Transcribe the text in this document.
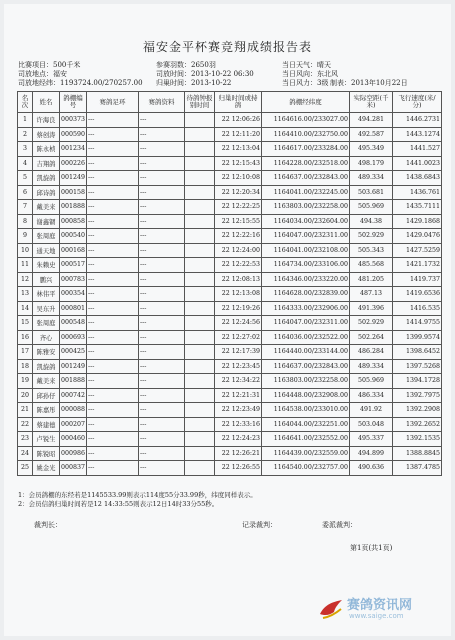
福安金平杯赛竞翔成绩报告表
比赛项目：500千米
司放地点：福安
司放地经纬：1193724.00/270257.00
参赛羽数：2650羽
司放时间：2013-10-22 06:30
归巢时间：2013-10-22
当日天气：晴天
当日风向：东北风
当日风力：3级 制表：2013年10月22日
名次	姓名	鸽棚编号	赛鸽足环	赛鸽资料	待鸽钟报别时间	归巢时间或持鸽	鸽棚经纬度	实际空距(千米)	飞行速度(米/分)
1	许海良	000373	---	---		22 12:06:26	1164616.00/233027.00	494.281	1446.2731
2	蔡创涛	000590	---	---		22 12:11:20	1164410.00/232750.00	492.587	1443.1274
3	陈永桢	001234	---	---		22 12:13:04	1164617.00/233284.00	495.349	1441.527
4	吉翔鸽	000226	---	---		22 12:15:43	1164228.00/232518.00	498.179	1441.0023
5	凯旋鸽	001249	---	---		22 12:10:08	1164637.00/232843.00	489.334	1438.6843
6	邱诗鸽	000158	---	---		22 12:20:34	1164041.00/232245.00	503.681	1436.761
7	戴美来	001888	---	---		22 12:22:25	1163803.00/232258.00	505.969	1435.7111
8	谢鑫锢	000858	---	---		22 12:15:55	1164034.00/232604.00	494.38	1429.1868
9	张周庭	000540	---	---		22 12:22:16	1164047.00/232311.00	502.929	1429.0476
10	通天地	000168	---	---		22 12:24:00	1164041.00/232108.00	505.343	1427.5259
11	朱赖史	000517	---	---		22 12:22:53	1164734.00/233106.00	485.568	1421.1732
12	鹏兴	000783	---	---		22 12:08:13	1164346.00/233220.00	481.205	1419.737
13	林伟平	000354	---	---		22 12:13:08	1164628.00/232839.00	487.13	1419.6536
14	吴东升	000801	---	---		22 12:19:26	1164333.00/232906.00	491.396	1416.535
15	张周庭	000548	---	---		22 12:24:56	1164047.00/232311.00	502.929	1414.9755
16	齐心	000693	---	---		22 12:27:02	1164036.00/232522.00	502.264	1399.9574
17	陈雅安	000425	---	---		22 12:17:39	1164440.00/233144.00	486.284	1398.6452
18	凯旋鸽	001249	---	---		22 12:23:45	1164637.00/232843.00	489.334	1397.5268
19	戴美来	001888	---	---		22 12:34:22	1163803.00/232258.00	505.969	1394.1728
20	邱孙仔	000742	---	---		22 12:21:31	1164448.00/232908.00	486.334	1392.7975
21	陈嘉彤	000088	---	---		22 12:23:49	1164538.00/233010.00	491.92	1392.2908
22	蔡建德	000207	---	---		22 12:33:16	1164044.00/232251.00	503.048	1392.2652
23	卢锐生	000460	---	---		22 12:24:23	1164641.00/232552.00	495.337	1392.1535
24	陈锐昭	000986	---	---		22 12:26:21	1164439.00/232559.00	494.899	1388.8845
25	姚金光	000837	---	---		22 12:26:55	1164540.00/232757.00	490.636	1387.4785
1：会员鸽棚的东经若是1145533.99则表示114度55分33.99秒，纬度同样表示。
2：会员信鸽归巢时间若是12 14:33:55则表示12日14时33分55秒。
裁判长：	记录裁判：	委派裁判：
第1页(共1页)
赛鸽资讯网
www.saige.com
